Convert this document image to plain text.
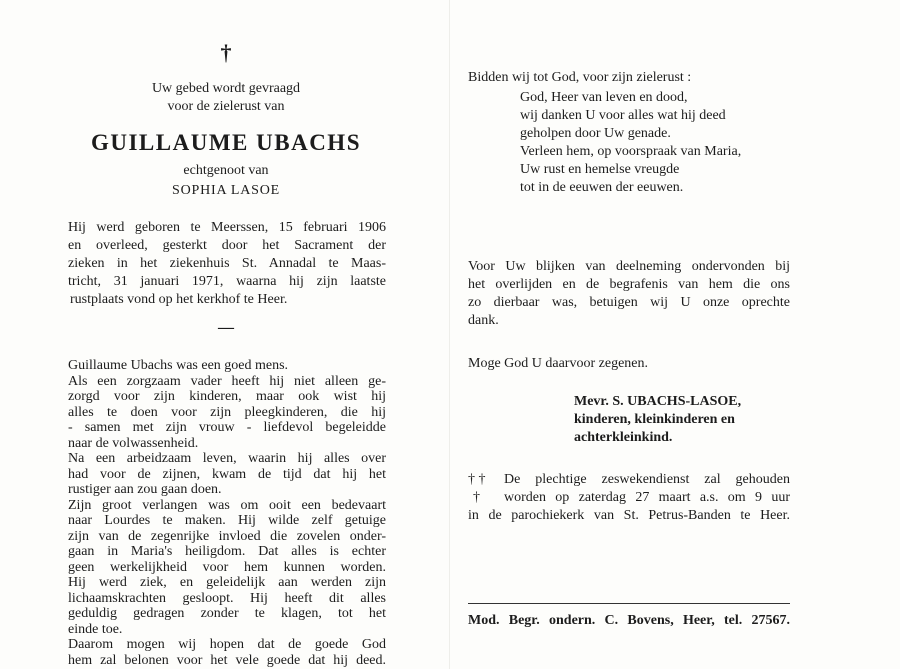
†
Uw gebed wordt gevraagd
voor de zielerust van
GUILLAUME UBACHS
echtgenoot van
SOPHIA LASOE
Hij werd geboren te Meerssen, 15 februari 1906
en overleed, gesterkt door het Sacrament der
zieken in het ziekenhuis St. Annadal te Maas-
tricht, 31 januari 1971, waarna hij zijn laatste
rustplaats vond op het kerkhof te Heer.
—
Guillaume Ubachs was een goed mens.
Als een zorgzaam vader heeft hij niet alleen ge-
zorgd voor zijn kinderen, maar ook wist hij
alles te doen voor zijn pleegkinderen, die hij
- samen met zijn vrouw - liefdevol begeleidde
naar de volwassenheid.
Na een arbeidzaam leven, waarin hij alles over
had voor de zijnen, kwam de tijd dat hij het
rustiger aan zou gaan doen.
Zijn groot verlangen was om ooit een bedevaart
naar Lourdes te maken. Hij wilde zelf getuige
zijn van de zegenrijke invloed die zovelen onder-
gaan in Maria's heiligdom. Dat alles is echter
geen werkelijkheid voor hem kunnen worden.
Hij werd ziek, en geleidelijk aan werden zijn
lichaamskrachten gesloopt. Hij heeft dit alles
geduldig gedragen zonder te klagen, tot het
einde toe.
Daarom mogen wij hopen dat de goede God
hem zal belonen voor het vele goede dat hij deed.
Bidden wij tot God, voor zijn zielerust :
God, Heer van leven en dood,
wij danken U voor alles wat hij deed
geholpen door Uw genade.
Verleen hem, op voorspraak van Maria,
Uw rust en hemelse vreugde
tot in de eeuwen der eeuwen.
Voor Uw blijken van deelneming ondervonden bij
het overlijden en de begrafenis van hem die ons
zo dierbaar was, betuigen wij U onze oprechte
dank.
Moge God U daarvoor zegenen.
Mevr. S. UBACHS-LASOE,
kinderen, kleinkinderen en
achterkleinkind.
† †
†
De plechtige zeswekendienst zal gehouden
worden op zaterdag 27 maart a.s. om 9 uur
in de parochiekerk van St. Petrus-Banden te Heer.
Mod. Begr. ondern. C. Bovens, Heer, tel. 27567.
